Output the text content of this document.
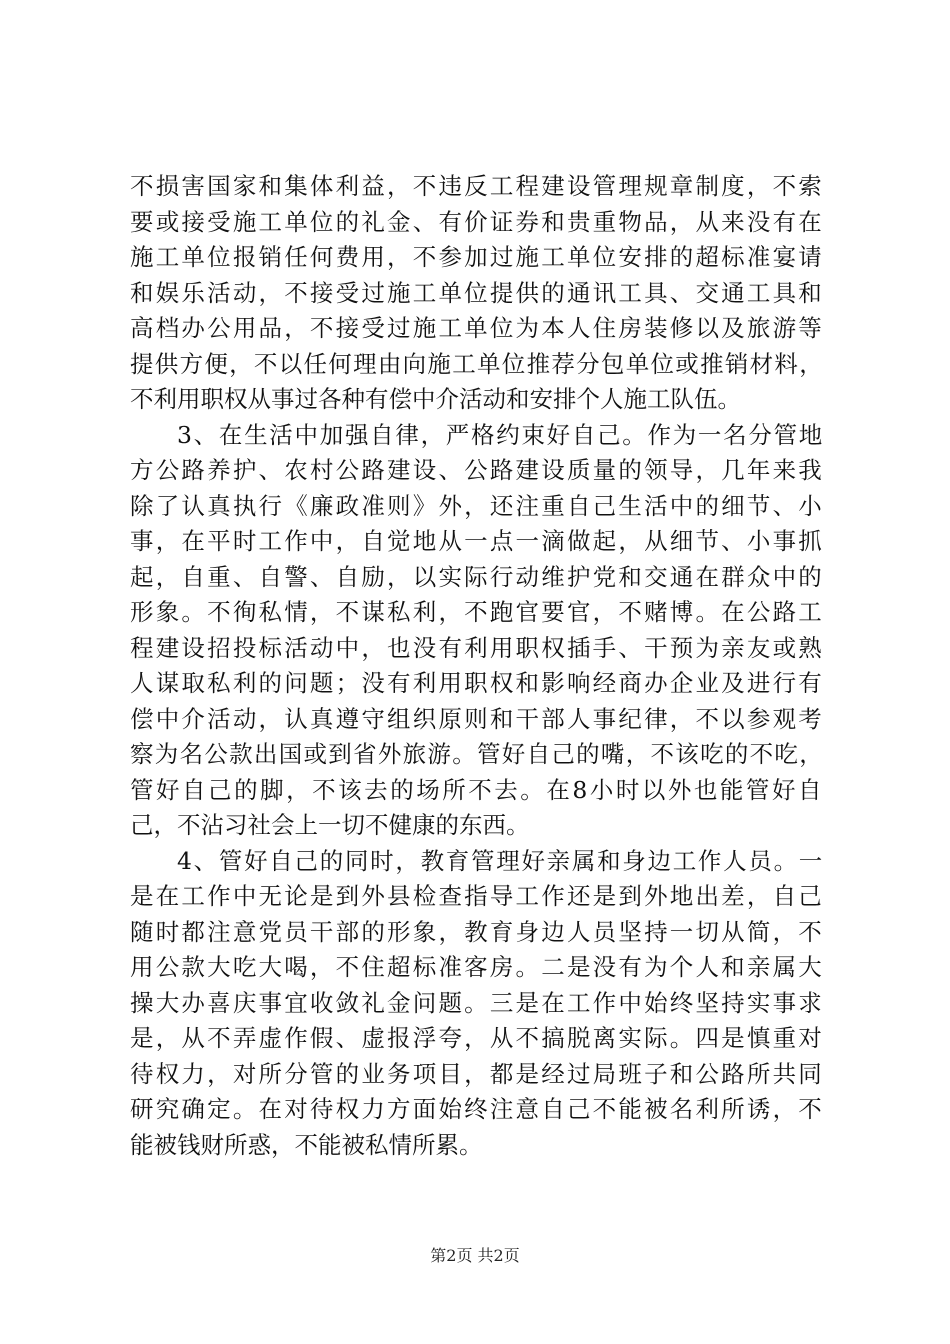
不损害国家和集体利益，不违反工程建设管理规章制度，不索
要或接受施工单位的礼金、有价证券和贵重物品，从来没有在
施工单位报销任何费用，不参加过施工单位安排的超标准宴请
和娱乐活动，不接受过施工单位提供的通讯工具、交通工具和
高档办公用品，不接受过施工单位为本人住房装修以及旅游等
提供方便，不以任何理由向施工单位推荐分包单位或推销材料，
不利用职权从事过各种有偿中介活动和安排个人施工队伍。
3、在生活中加强自律，严格约束好自己。作为一名分管地
方公路养护、农村公路建设、公路建设质量的领导，几年来我
除了认真执行《廉政准则》外，还注重自己生活中的细节、小
事，在平时工作中，自觉地从一点一滴做起，从细节、小事抓
起，自重、自警、自励，以实际行动维护党和交通在群众中的
形象。不徇私情，不谋私利，不跑官要官，不赌博。在公路工
程建设招投标活动中，也没有利用职权插手、干预为亲友或熟
人谋取私利的问题；没有利用职权和影响经商办企业及进行有
偿中介活动，认真遵守组织原则和干部人事纪律，不以参观考
察为名公款出国或到省外旅游。管好自己的嘴，不该吃的不吃，
管好自己的脚，不该去的场所不去。在8小时以外也能管好自
己，不沾习社会上一切不健康的东西。
4、管好自己的同时，教育管理好亲属和身边工作人员。一
是在工作中无论是到外县检查指导工作还是到外地出差，自己
随时都注意党员干部的形象，教育身边人员坚持一切从简，不
用公款大吃大喝，不住超标准客房。二是没有为个人和亲属大
操大办喜庆事宜收敛礼金问题。三是在工作中始终坚持实事求
是，从不弄虚作假、虚报浮夸，从不搞脱离实际。四是慎重对
待权力，对所分管的业务项目，都是经过局班子和公路所共同
研究确定。在对待权力方面始终注意自己不能被名利所诱，不
能被钱财所惑，不能被私情所累。
第2页 共2页
